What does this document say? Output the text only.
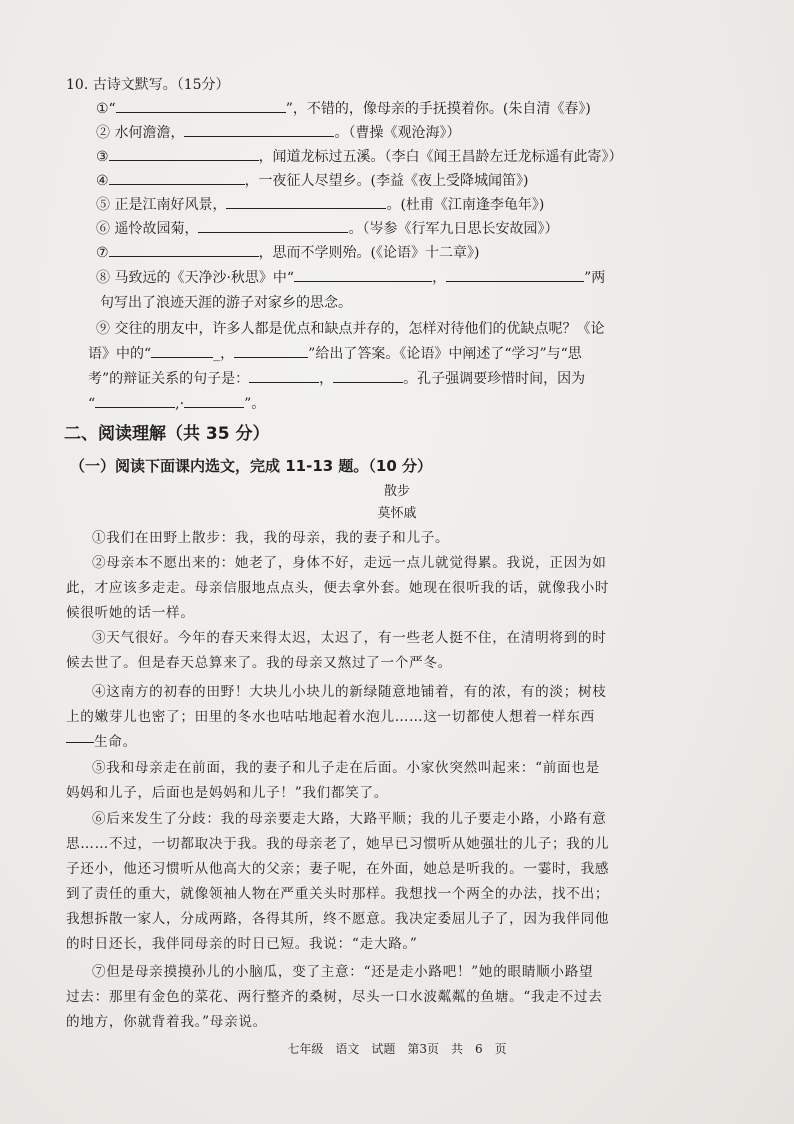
10. 古诗文默写。（15分）
①“	”，不错的，像母亲的手抚摸着你。(朱自清《春》)
② 水何澹澹，	。（曹操《观沧海》）
③	，闻道龙标过五溪。（李白《闻王昌龄左迁龙标遥有此寄》）
④	，一夜征人尽望乡。(李益《夜上受降城闻笛》)
⑤ 正是江南好风景，	。(杜甫《江南逢李龟年》)
⑥ 遥怜故园菊，	。（岑参《行军九日思长安故园》）
⑦	，思而不学则殆。(《论语》十二章》)
⑧ 马致远的《天净沙·秋思》中“	，	”两
句写出了浪迹天涯的游子对家乡的思念。
⑨ 交往的朋友中，许多人都是优点和缺点并存的，怎样对待他们的优缺点呢？《论
语》中的“	_，	”给出了答案。《论语》中阐述了“学习”与“思
考”的辩证关系的句子是：	，	。孔子强调要珍惜时间，因为
“	,·	”。
二、阅读理解（共 35 分）
（一）阅读下面课内选文，完成 11-13 题。（10 分）
散步
莫怀戚
①我们在田野上散步：我，我的母亲，我的妻子和儿子。
②母亲本不愿出来的：她老了，身体不好，走远一点儿就觉得累。我说，正因为如
此，才应该多走走。母亲信服地点点头，便去拿外套。她现在很听我的话，就像我小时
候很听她的话一样。
③天气很好。今年的春天来得太迟，太迟了，有一些老人挺不住，在清明将到的时
候去世了。但是春天总算来了。我的母亲又熬过了一个严冬。
④这南方的初春的田野！大块儿小块儿的新绿随意地铺着，有的浓，有的淡；树枝
上的嫩芽儿也密了；田里的冬水也咕咕地起着水泡儿……这一切都使人想着一样东西
生命。
⑤我和母亲走在前面，我的妻子和儿子走在后面。小家伙突然叫起来：“前面也是
妈妈和儿子，后面也是妈妈和儿子！”我们都笑了。
⑥后来发生了分歧：我的母亲要走大路，大路平顺；我的儿子要走小路，小路有意
思……不过，一切都取决于我。我的母亲老了，她早已习惯听从她强壮的儿子；我的儿
子还小，他还习惯听从他高大的父亲；妻子呢，在外面，她总是听我的。一霎时，我感
到了责任的重大，就像领袖人物在严重关头时那样。我想找一个两全的办法，找不出；
我想拆散一家人，分成两路，各得其所，终不愿意。我决定委屈儿子了，因为我伴同他
的时日还长，我伴同母亲的时日已短。我说：“走大路。”
⑦但是母亲摸摸孙儿的小脑瓜，变了主意：“还是走小路吧！”她的眼睛顺小路望
过去：那里有金色的菜花、两行整齐的桑树，尽头一口水波粼粼的鱼塘。“我走不过去
的地方，你就背着我。”母亲说。
七年级　语文　试题　第3页　共　6　页
